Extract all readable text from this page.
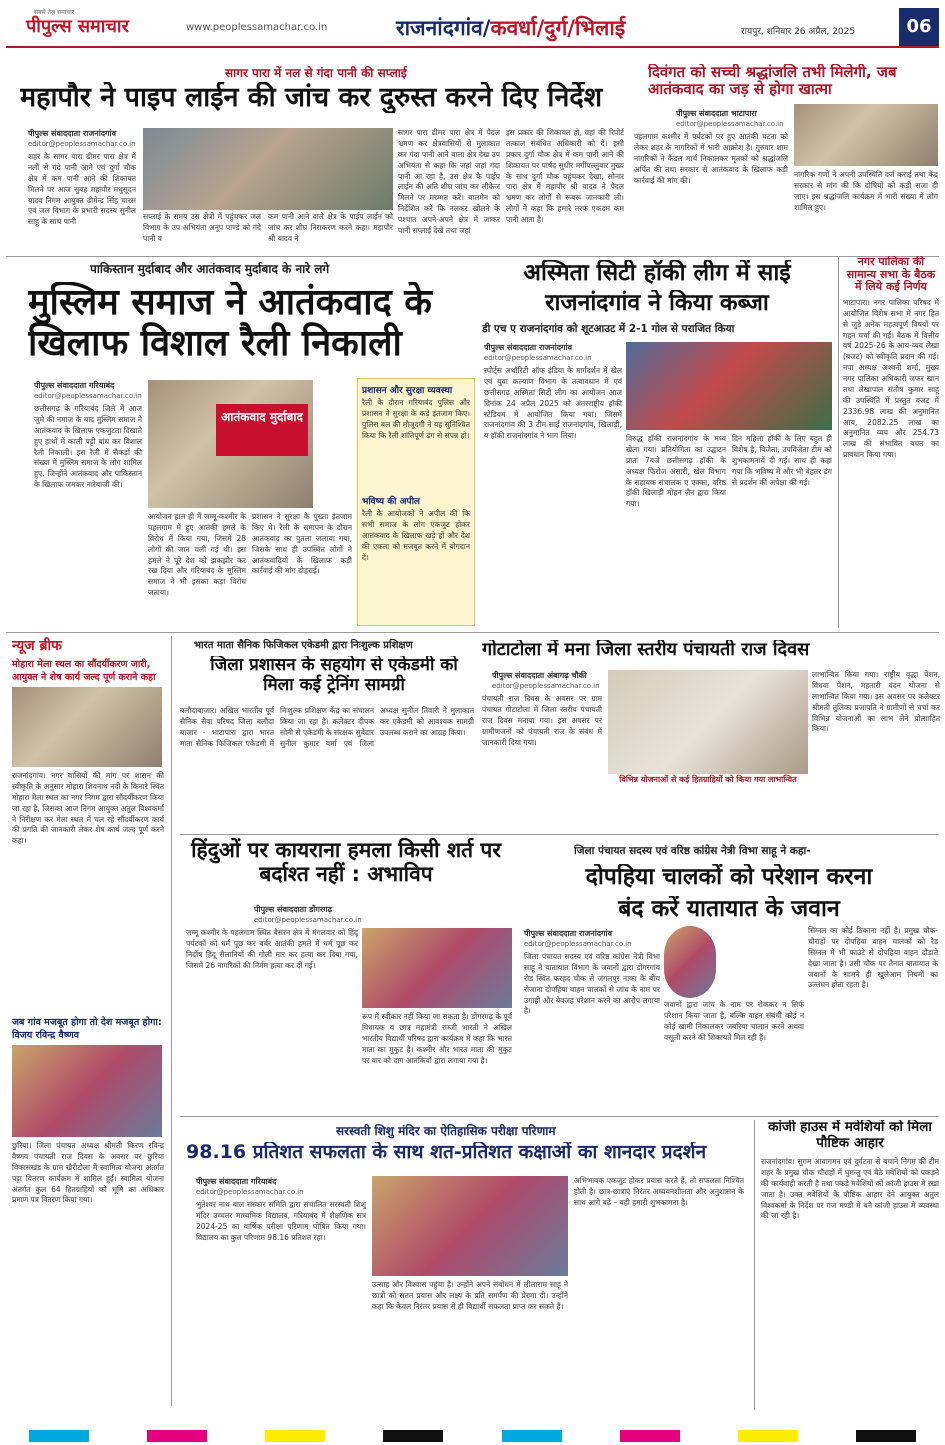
सबसे तेज़ समाचार
पीपुल्स समाचार	www.peoplessamachar.co.in	राजनांदगांव/कवर्धा/दुर्ग/भिलाई	रायपुर, शनिवार 26 अप्रैल, 2025	06
सागर पारा में नल से गंदा पानी की सप्लाई
महापौर ने पाइप लाईन की जांच कर दुरुस्त करने दिए निर्देश
पीपुल्स संवाददाता राजनांदगांव
editor@peoplessamachar.co.in
शहर के सागर पारा ढीमर पारा क्षेत्र में नलों से गंदे पानी आने एवं दुर्गा चौक क्षेत्र में कम पानी आने की शिकायत मिलने पर आज सुबह महापौर मधुसूदन यादव निगम आयुक्त ढीमेन्द्र सिंह चारस एवं जल विभाग के प्रभारी सदस्य सुनील साहू के साथ पानी
सप्लाई के समय उस क्षेत्रों में पहुंचकर जल विभाग के उप अभियंता अनूप पाण्डे को गंदे पानी व
कम पानी आने वाले क्षेत्र के पाईप लाईन को जांच कर शीघ्र निराकरण करने कहा। महापौर श्री यादव ने
सागर पारा ढीमर पारा क्षेत्र में पैदल भ्रमण कर क्षेत्रवासियों से मुलाकात कर गंदा पानी आने वाला क्षेत्र देख उप अभियंता से कहा कि जहां जहां गंदा पानी आ रहा है, उस क्षेत्र के पाईप लाईन की अति शीघ्र जांच कर लीकेज मिलने पर मरम्मत करें। वालमेन को निर्देशित करें कि नलकर खोलने के पश्चात अपने-अपने क्षेत्र में जाकर पानी सप्लाई देखें तथा जहां
इस प्रकार की शिकायत हो, वहां की रिपोर्ट तत्काल संबंधित अधिकारी को दें। इसी प्रकार दुर्गा चौक क्षेत्र में कम पानी आने की शिकायत पर पार्षद सुधीर मगींपल्लुवार मुख्य के साथ दुर्गा चौक पहुंचकर देखा, सोनार पारा क्षेत्र में महापौर श्री यादव ने पैदल भ्रमण कर लोगों से रूबरू जानकारी ली। लोगों ने कहा कि हमारे तरफ एकदम कम पानी आता है।
दिवंगत को सच्ची श्रद्धांजलि तभी मिलेगी, जब आतंकवाद का जड़ से होगा खात्मा
पीपुल्स संवाददाता भाटापारा
editor@peoplessamachar.co.in
पहलगाम कश्मीर में पर्यटकों पर हुए आतंकी घटना को लेकर शहर के नागरिकों में भारी आक्रोश है। गुरुवार शाम नागरिकों ने कैंडल मार्च निकालकर मृतकों को श्रद्धांजलि अर्पित की तथा सरकार से आतंकवाद के खिलाफ कड़ी कार्रवाई की मांग की।
नागरिक गणों ने अपनी उपस्थिति दर्ज कराई तथा केंद्र सरकार से मांग की कि दोषियों को कड़ी सजा दी जाए। इस श्रद्धांजलि कार्यक्रम में भारी संख्या में लोग शामिल हुए।
पाकिस्तान मुर्दाबाद और आतंकवाद मुर्दाबाद के नारे लगे
मुस्लिम समाज ने आतंकवाद के खिलाफ विशाल रैली निकाली
पीपुल्स संवाददाता गरियाबंद
editor@peoplessamachar.co.in
छत्तीसगढ़ के गरियाबंद जिले में आज जुमे की नमाज के बाद मुस्लिम समाज ने आतंकवाद के खिलाफ एकजुटता दिखाते हुए हाथों में काली पट्टी बांध कर विशाल रैली निकाली। इस रैली में सैकड़ों की संख्या में मुस्लिम समाज के लोग शामिल हुए, जिन्होंने आतंकवाद और पाकिस्तान के खिलाफ जमकर नारेबाजी की।
आतंकवाद मुर्दाबाद
आयोजन हाल ही में जम्मू-कश्मीर के पहलगाम में हुए आतंकी हमले के विरोध में किया गया, जिसमें 28 लोगों की जान चली गई थी। इस हमले ने पूरे देश को झकझोर कर रख दिया और गरियाबंद के मुस्लिम समाज ने भी इसका कड़ा विरोध जताया।
प्रशासन ने सुरक्षा के पुख्ता इंतजाम किए थे। रैली के समापन के दौरान आतंकवाद का पुतला जलाया गया, जिसके साथ ही उपस्थित लोगों ने आतंकवादियों के खिलाफ कड़ी कार्रवाई की मांग दोहराई।
प्रशासन और सुरक्षा व्यवस्था
रैली के दौरान गरियाबंद पुलिस और प्रशासन ने सुरक्षा के कड़े इंतजाम किए। पुलिस बल की मौजूदगी ने यह सुनिश्चित किया कि रैली शांतिपूर्ण ढंग से संपन्न हो।
भविष्य की अपील
रैली के आयोजकों ने अपील की कि सभी समाज के लोग एकजुट होकर आतंकवाद के खिलाफ खड़े हों और देश की एकता को मजबूत करने में योगदान दें।
अस्मिता सिटी हॉकी लीग में साई
राजनांदगांव ने किया कब्जा
डी एच ए राजनांदगांव को शूटआउट में 2-1 गोल से पराजित किया
पीपुल्स संवाददाता राजनांदगांव
editor@peoplessamachar.co.in
स्पोर्ट्स अथॉरिटी ऑफ इंडिया के मार्गदर्शन में खेल एवं युवा कल्याण विभाग के तत्वावधान में एवं छत्तीसगढ़ अस्मिता सिटी लीग का आयोजन आज दिनांक 24 अप्रैल 2025 को अंतरराष्ट्रीय हॉकी स्टेडियम में आयोजित किया गया। जिसमें राजनांदगांव की 3 टीम साई राजनांदगांव, खिलाड़ी, य हॉकी राजनांदगांव ने भाग लिया।	विरुद्ध हॉकी राजनांदगांव के मध्य खेला गया। प्रतियोगिता का उद्घाटन प्रातः 7बजे छत्तीसगढ़ हॉकी के अध्यक्ष फिरोज अंसारी, खेल विभाग के सहायक संचालक ए एक्का, वरिष्ठ हॉकी खिलाड़ी मोहन ज़ैन द्वारा किया गया।
दिन महिला हॉकी के लिए बहुत ही विशेष है, विजेता, उपविजेता टीम को शुभकामनायें दी गई। साथ ही कहा गया कि भविष्य में और भी बेहतर ढंग से प्रदर्शन की अपेक्षा की गई।
नगर पालिका की सामान्य सभा के बैठक में लिये कई निर्णय
भाटापारा। नगर पालिका परिषद में आयोजित विशेष सभा में नगर हित से जुड़े अनेक महत्वपूर्ण विषयों पर गहन चर्चा की गई। बैठक में वित्तीय वर्ष 2025-26 के आय-व्यय लेखा (बजट) को स्वीकृति प्रदान की गई। नपा अध्यक्ष अश्वनी शर्मा, मुख्य नगर पालिका अधिकारी जफर खान तथा लेखापाल संतोष कुमार साहू की उपस्थिति में प्रस्तुत बजट में 2336.98 लाख की अनुमानित आय, 2082.25 लाख का अनुमानित व्यय और 254.73 लाख की संभावित बचत का प्रावधान किया गया।
न्यूज ब्रीफ
मोहारा मेला स्थल का सौंदर्यीकरण जारी, आयुक्त ने शेष कार्य जल्द पूर्ण कराने कहा
राजनांदगांव। नगर वासियों की मांग पर शासन की स्वीकृति के अनुसार मोहारा शिवनाथ नदी के किनारे स्थित मोहारा मेला स्थल का नगर निगम द्वारा सौंदर्यीकरण किया जा रहा है, जिसका आज निगम आयुक्त अतुल विश्वकर्मा ने निरीक्षण कर मेला स्थल में चल रहे सौंदर्यीकरण कार्य की प्रगति की जानकारी लेकर शेष कार्य जल्द पूर्ण करने कहा।
जब गांव मजबूत होगा तो देश मजबूत होगा: विजय रविन्द्र वैष्णव
छुरिया। जिला पंचायत अध्यक्ष श्रीमती किरण रविन्द्र वैष्णव पंचायती राज दिवस के अवसर पर छुरिया विकासखंड के ग्राम खैरीटोला में स्वामित्व योजना अंतर्गत पट्टा वितरण कार्यक्रम में शामिल हुईं। स्वामित्व योजना अंतर्गत कुल 64 हितग्राहियों को भूमि का अधिकार प्रमाण पत्र वितरण किया गया।
भारत माता सैनिक फिजिकल एकेडमी द्वारा निःशुल्क प्रशिक्षण
जिला प्रशासन के सहयोग से एकेडमी को मिला कई ट्रेनिंग सामग्री
बलौदाबाजार। अखिल भारतीय पूर्व सैनिक सेवा परिषद जिला बलौदा बाजार - भाटापारा द्वारा भारत माता सैनिक फिजिकल एकेडमी में निःशुल्क प्रशिक्षण केंद्र का संचालन किया जा रहा है। कलेक्टर दीपक सोनी से एकेडमी के संरक्षक सुबेदार सुनील कुमार वर्मा एवं जिला अध्यक्ष सुनील तिवारी ने मुलाकात कर एकेडमी को आवश्यक सामग्री उपलब्ध कराने का आग्रह किया।
गोटाटोला में मना जिला स्तरीय पंचायती राज दिवस
पीपुल्स संवाददाता अंबागढ़ चौकी
editor@peoplessamachar.co.in
विभिन्न योजनाओं से कई हितग्राहियों को किया गया लाभान्वित
पंचायती राज दिवस के अवसर पर ग्राम पंचायत गोटाटोला में जिला स्तरीय पंचायती राज दिवस मनाया गया। इस अवसर पर ग्रामीणजनों को पंचायती राज के संबंध में जानकारी दिया गया।
लाभान्वित किया गया। राष्ट्रीय वृद्धा पेंशन, विधवा पेंशन, महतारी वंदन योजना से लाभान्वित किया गया। इस अवसर पर कलेक्टर श्रीमती तुलिका प्रजापति ने ग्रामीणों से चर्चा कर विभिन्न योजनाओं का लाभ लेने प्रोत्साहित किया।
हिंदुओं पर कायराना हमला किसी शर्त पर बर्दाश्त नहीं : अभाविप
पीपुल्स संवाददाता डोंगरगढ़
editor@peoplessamachar.co.in
जम्मू कश्मीर के पहलगाम स्थित बैसरन क्षेत्र में मंगलवार को हिंदू पर्यटकों को धर्म पूछ कर बर्बर आतंकी हमले में धर्म पूछ कर निर्दोष हिंदू सैलानियों की गोली मार कर हत्या कर दिया गया, जिसमें 26 नागरिकों की निर्मम हत्या कर दी गई।
रूप में स्वीकार नहीं किया जा सकता है। डोंगरगढ़ के पूर्व विधायक व छात्र महामंत्री राम्जी भारती ने अखिल भारतीय विद्यार्थी परिषद द्वारा कार्यक्रम में कहा कि भारत माता का मुकुट है। कश्मीर और भारत माता की मुकुट पर वार को दाग आतंकियों द्वारा लगाया गया है।
जिला पंचायत सदस्य एवं वरिष्ठ कांग्रेस नेत्री विभा साहू ने कहा-
दोपहिया चालकों को परेशान करना
बंद करें यातायात के जवान
पीपुल्स संवाददाता राजनांदगांव
editor@peoplessamachar.co.in
जिला पंचायत सदस्य एवं वरिष्ठ कांग्रेस नेत्री विभा साहू ने यातायात विभाग के जवानों द्वारा डोंगरगांव रोड स्थित फरहद चौक से जंगलपुर नाका के बीच रोजाना दोपहिया वाहन चालकों से जांच के नाम पर उगाही और बेवजह परेशान करने का आरोप लगाया है।
जवानों द्वारा जांच के नाम पर रोककर न सिर्फ परेशान किया जाता है, बल्कि वाहन संबंधी कोई न कोई खामी निकालकर जबरिया चालान करने अथवा वसूली करने की शिकायतें मिल रही हैं।
सिग्नल का कोई ठिकाना नहीं है। प्रमुख चौक-चौराहों पर दोपहिया वाहन चालकों को रेड सिग्नल में भी फाउंटे से दोपहिया वाहन दौड़ाते देखा जाता है। उसी चौक पर तैनात यातायात के जवानों के सामने ही खुलेआम नियमों का उल्लंघन होता रहता है।
सरस्वती शिशु मंदिर का ऐतिहासिक परीक्षा परिणाम
98.16 प्रतिशत सफलता के साथ शत-प्रतिशत कक्षाओं का शानदार प्रदर्शन
पीपुल्स संवाददाता गरियाबंद
editor@peoplessamachar.co.in
भुतेश्वर नाथ बाल संस्कार समिति द्वारा संचालित सरस्वती शिशु मंदिर उच्चतर माध्यमिक विद्यालय, गरियाबंद में शैक्षणिक सत्र 2024-25 का वार्षिक परीक्षा परिणाम घोषित किया गया। विद्यालय का कुल परिणाम 98.16 प्रतिशत रहा।
उत्साह और विश्वास पहुंचा है। उन्होंने अपने संबोधन में लीलाराम साहू ने छात्रों को सतत प्रयास और लक्ष्य के प्रति समर्पण की प्रेरणा दी। उन्होंने कहा कि केवल निरंतर प्रयास से ही विद्यार्थी सफलता प्राप्त कर सकते हैं।
अभिभावक एकजुट होकर प्रयास करते हैं, तो सफलता निश्चित होती है। छात्र-छात्राएं निरंतर अध्ययनशीलता और अनुशासन के साथ आगे बढ़ें – यही हमारी शुभकामना है।
कांजी हाउस में मवेशियों को मिला पौष्टिक आहार
राजनांदगांव। सुगम आवागमन एवं दुर्घटना से बचाने निगम की टीम शहर के प्रमुख चौक चौराहों में घुमन्तु एवं बैठे मवेशियों को पकड़ने की कार्यवाही करती है तथा पकड़े मवेशियों को कांजी हाउस में रखा जाता है। उक्त मवेशियों के पौष्टिक आहार देने आयुक्त अतुल विश्वकर्मा के निर्देश पर गंज मण्डी में बने कांजी हाउस में व्यवस्था की जा रही है।
